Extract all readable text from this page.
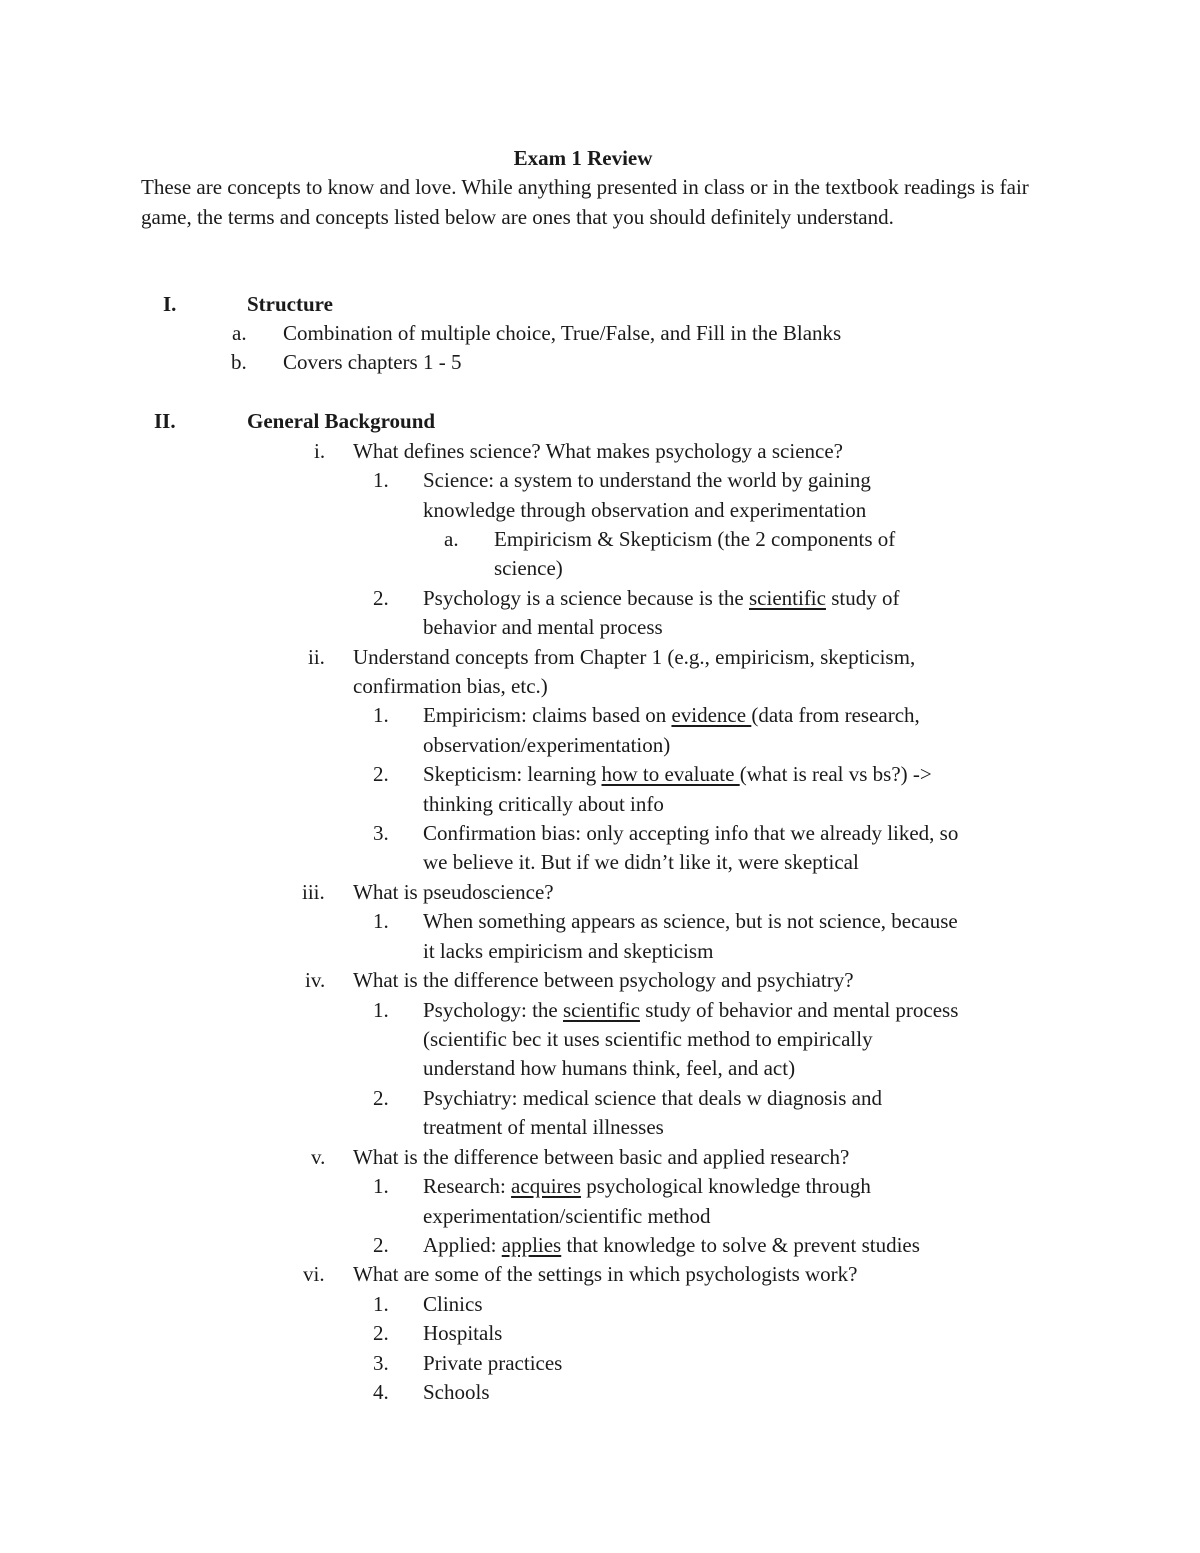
Exam 1 Review

These are concepts to know and love. While anything presented in class or in the textbook readings is fair game, the terms and concepts listed below are ones that you should definitely understand.

I.	Structure
a. Combination of multiple choice, True/False, and Fill in the Blanks
b. Covers chapters 1 - 5
II.	General Background
i. What defines science? What makes psychology a science?
1. Science: a system to understand the world by gaining
knowledge through observation and experimentation
a. Empiricism & Skepticism (the 2 components of
science)
2. Psychology is a science because is the scientific study of
behavior and mental process
ii. Understand concepts from Chapter 1 (e.g., empiricism, skepticism,
confirmation bias, etc.)
1. Empiricism: claims based on evidence (data from research,
observation/experimentation)
2. Skepticism: learning how to evaluate (what is real vs bs?) ->
thinking critically about info
3. Confirmation bias: only accepting info that we already liked, so
we believe it. But if we didn’t like it, were skeptical
iii. What is pseudoscience?
1. When something appears as science, but is not science, because
it lacks empiricism and skepticism
iv. What is the difference between psychology and psychiatry?
1. Psychology: the scientific study of behavior and mental process
(scientific bec it uses scientific method to empirically
understand how humans think, feel, and act)
2. Psychiatry: medical science that deals w diagnosis and
treatment of mental illnesses
v. What is the difference between basic and applied research?
1. Research: acquires psychological knowledge through
experimentation/scientific method
2. Applied: applies that knowledge to solve & prevent studies
vi. What are some of the settings in which psychologists work?
1. Clinics
2. Hospitals
3. Private practices
4. Schools
